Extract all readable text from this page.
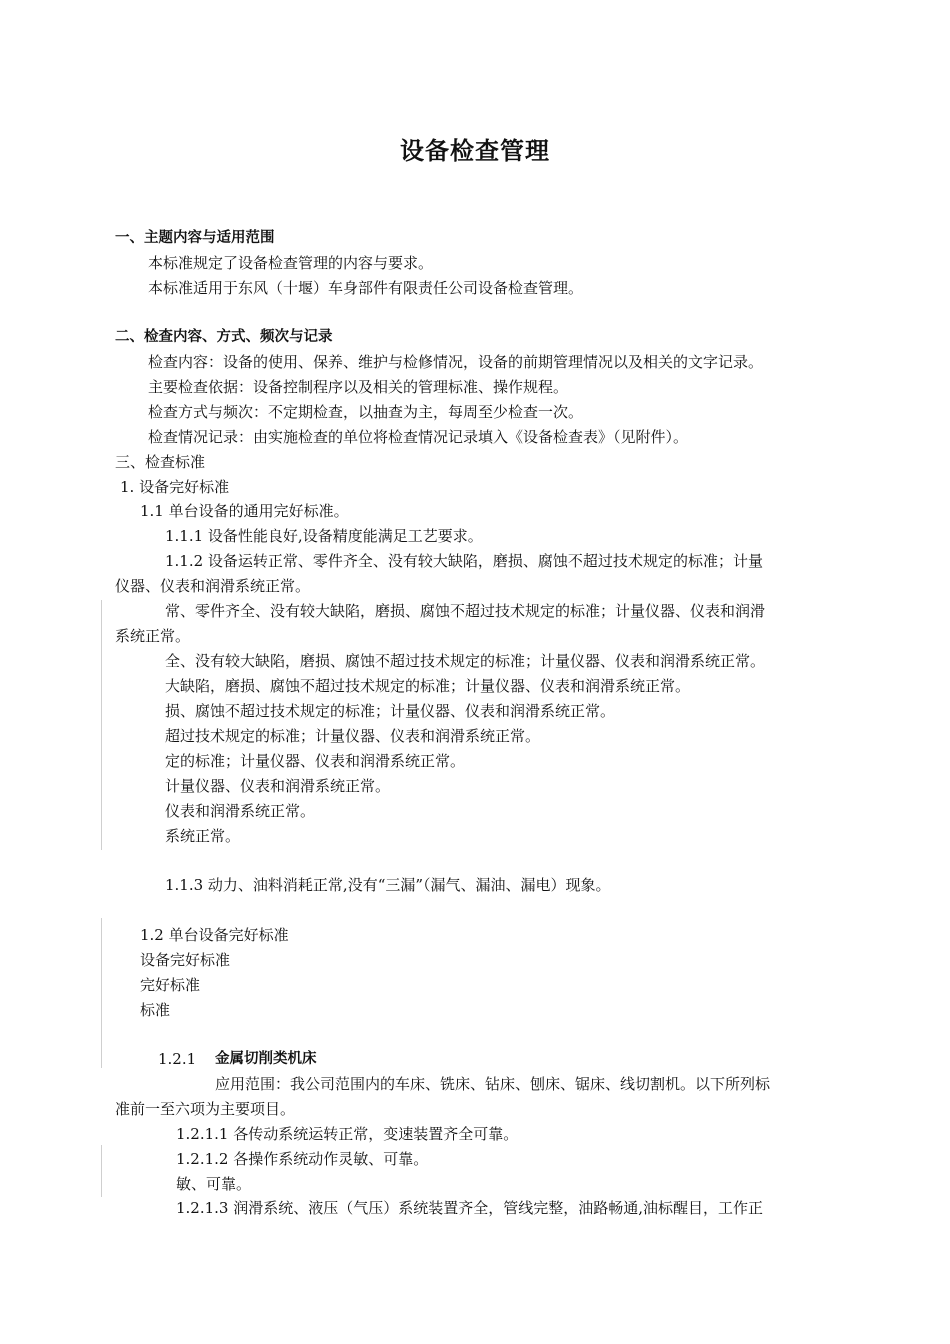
设备检查管理
一、主题内容与适用范围
本标准规定了设备检查管理的内容与要求。
本标准适用于东风（十堰）车身部件有限责任公司设备检查管理。
二、检查内容、方式、频次与记录
检查内容：设备的使用、保养、维护与检修情况，设备的前期管理情况以及相关的文字记录。
主要检查依据：设备控制程序以及相关的管理标准、操作规程。
检查方式与频次：不定期检查，以抽查为主，每周至少检查一次。
检查情况记录：由实施检查的单位将检查情况记录填入《设备检查表》（见附件）。
三、检查标准
1. 设备完好标准
1.1 单台设备的通用完好标准。
1.1.1 设备性能良好,设备精度能满足工艺要求。
1.1.2 设备运转正常、零件齐全、没有较大缺陷，磨损、腐蚀不超过技术规定的标准；计量
仪器、仪表和润滑系统正常。
常、零件齐全、没有较大缺陷，磨损、腐蚀不超过技术规定的标准；计量仪器、仪表和润滑
系统正常。
全、没有较大缺陷，磨损、腐蚀不超过技术规定的标准；计量仪器、仪表和润滑系统正常。
大缺陷，磨损、腐蚀不超过技术规定的标准；计量仪器、仪表和润滑系统正常。
损、腐蚀不超过技术规定的标准；计量仪器、仪表和润滑系统正常。
超过技术规定的标准；计量仪器、仪表和润滑系统正常。
定的标准；计量仪器、仪表和润滑系统正常。
计量仪器、仪表和润滑系统正常。
仪表和润滑系统正常。
系统正常。
1.1.3 动力、油料消耗正常,没有“三漏”（漏气、漏油、漏电）现象。
1.2 单台设备完好标准
设备完好标准
完好标准
标准
1.2.1 金属切削类机床
应用范围：我公司范围内的车床、铣床、钻床、刨床、锯床、线切割机。以下所列标
准前一至六项为主要项目。
1.2.1.1 各传动系统运转正常，变速装置齐全可靠。
1.2.1.2 各操作系统动作灵敏、可靠。
敏、可靠。
1.2.1.3 润滑系统、液压（气压）系统装置齐全，管线完整，油路畅通,油标醒目，工作正
